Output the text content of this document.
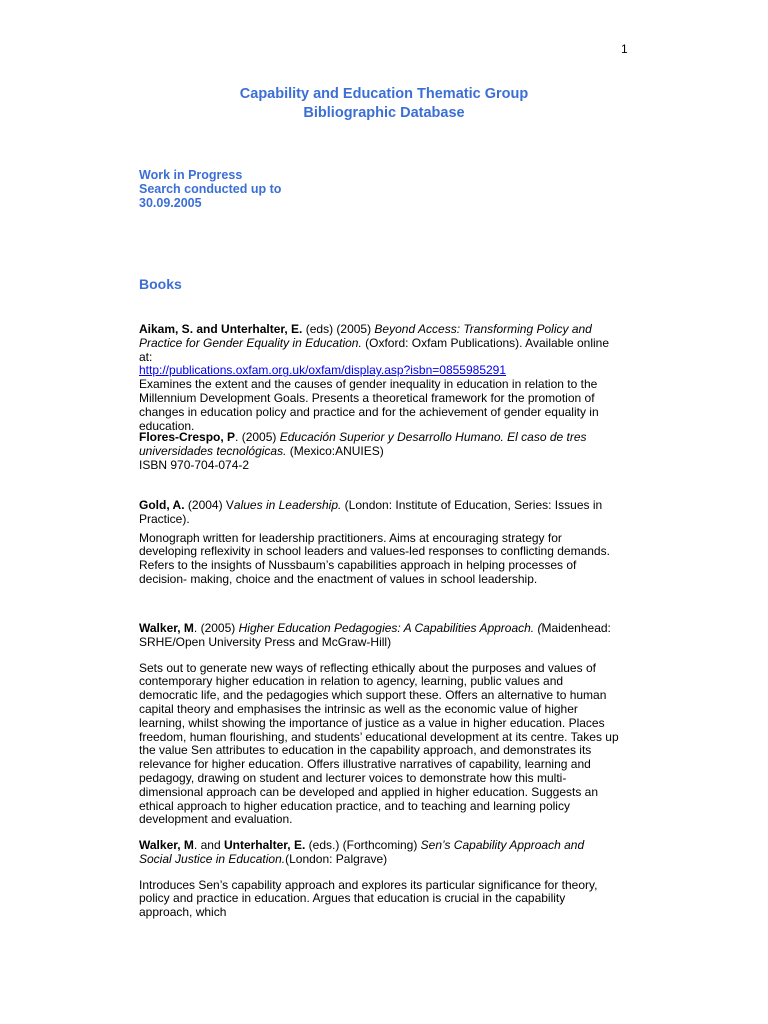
1
Capability and Education Thematic Group
Bibliographic Database
Work in Progress
Search conducted up to
30.09.2005
Books

Aikam, S. and Unterhalter, E. (eds) (2005) Beyond Access: Transforming Policy and Practice for Gender Equality in Education. (Oxford: Oxfam Publications). Available online at:

http://publications.oxfam.org.uk/oxfam/display.asp?isbn=0855985291

Examines the extent and the causes of gender inequality in education in relation to the Millennium Development Goals. Presents a theoretical framework for the promotion of changes in education policy and practice and for the achievement of gender equality in education.

Flores-Crespo, P. (2005) Educación Superior y Desarrollo Humano. El caso de tres universidades tecnológicas. (Mexico:ANUIES)

ISBN 970-704-074-2

Gold, A. (2004) Values in Leadership. (London: Institute of Education, Series: Issues in Practice).

Monograph written for leadership practitioners. Aims at encouraging strategy for developing reflexivity in school leaders and values-led responses to conflicting demands. Refers to the insights of Nussbaum’s capabilities approach in helping processes of decision- making, choice and the enactment of values in school leadership.

Walker, M. (2005) Higher Education Pedagogies: A Capabilities Approach. (Maidenhead: SRHE/Open University Press and McGraw-Hill)

Sets out to generate new ways of reflecting ethically about the purposes and values of contemporary higher education in relation to agency, learning, public values and democratic life, and the pedagogies which support these. Offers an alternative to human capital theory and emphasises the intrinsic as well as the economic value of higher learning, whilst showing the importance of justice as a value in higher education. Places freedom, human flourishing, and students’ educational development at its centre. Takes up the value Sen attributes to education in the capability approach, and demonstrates its relevance for higher education. Offers illustrative narratives of capability, learning and pedagogy, drawing on student and lecturer voices to demonstrate how this multi-dimensional approach can be developed and applied in higher education. Suggests an ethical approach to higher education practice, and to teaching and learning policy development and evaluation.

Walker, M. and Unterhalter, E. (eds.) (Forthcoming) Sen’s Capability Approach and Social Justice in Education.(London: Palgrave)

Introduces Sen’s capability approach and explores its particular significance for theory, policy and practice in education. Argues that education is crucial in the capability approach, which
